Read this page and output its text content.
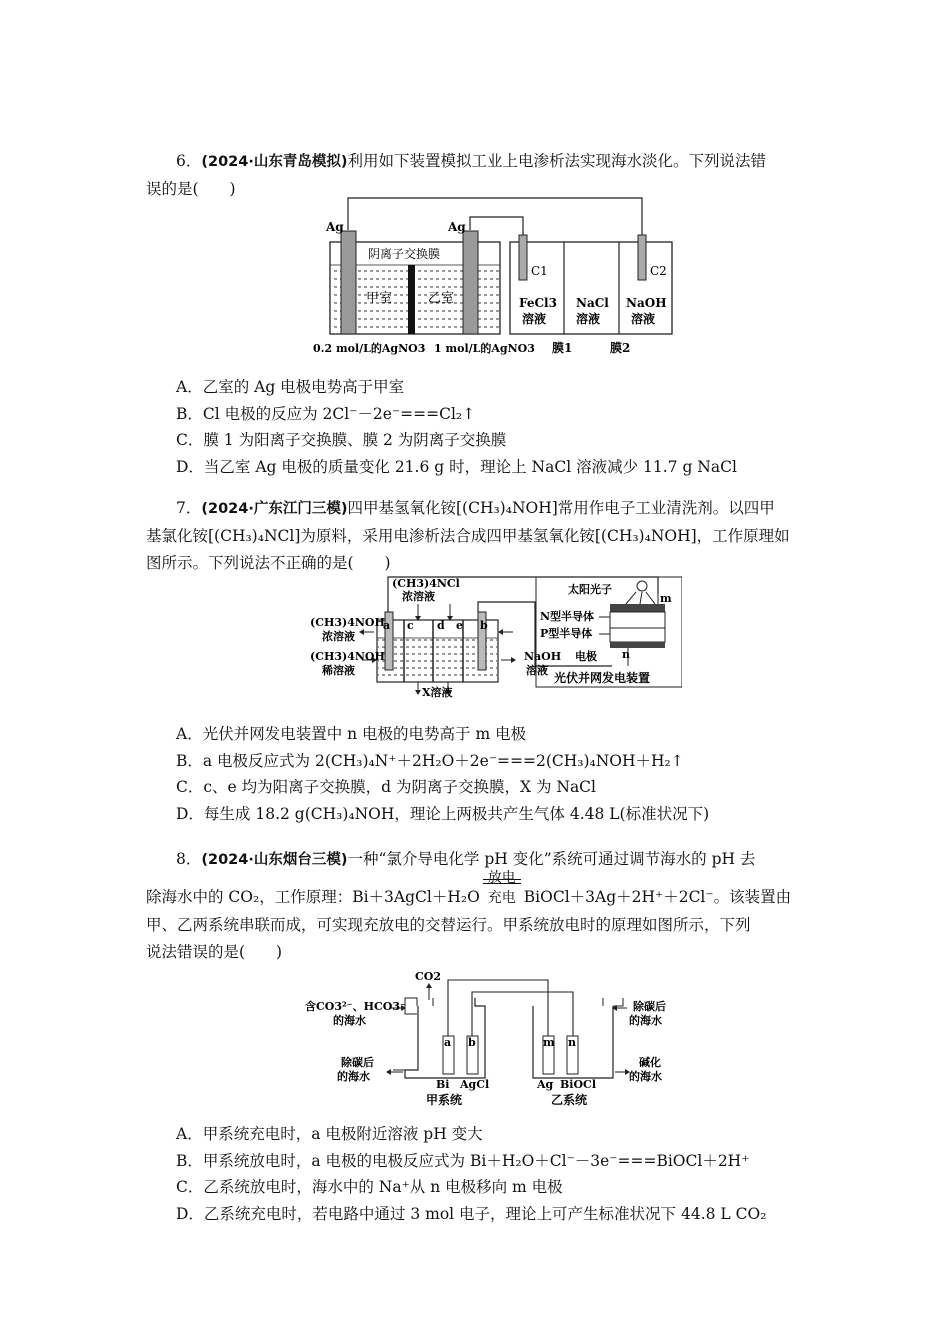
6．(2024·山东青岛模拟)利用如下装置模拟工业上电渗析法实现海水淡化。下列说法错

误的是(　　)

Ag	Ag
阴离子交换膜
甲室	乙室
C1	C2
FeCl3
溶液
NaCl
溶液
NaOH
溶液
0.2 mol/L的AgNO3 1 mol/L的AgNO3 膜1	膜2
A．乙室的 Ag 电极电势高于甲室
B．Cl 电极的反应为 2Cl⁻－2e⁻===Cl₂↑
C．膜 1 为阳离子交换膜、膜 2 为阴离子交换膜
D．当乙室 Ag 电极的质量变化 21.6 g 时，理论上 NaCl 溶液减少 11.7 g NaCl

7．(2024·广东江门三模)四甲基氢氧化铵[(CH₃)₄NOH]常用作电子工业清洗剂。以四甲

基氯化铵[(CH₃)₄NCl]为原料，采用电渗析法合成四甲基氢氧化铵[(CH₃)₄NOH]，工作原理如

图所示。下列说法不正确的是(　　)

a c d e b
(CH3)4NCl
浓溶液
(CH3)4NOH
浓溶液
(CH3)4NOH
稀溶液
NaOH
溶液
X溶液
太阳光子
m
N型半导体
P型半导体
n
电极
光伏并网发电装置
A．光伏并网发电装置中 n 电极的电势高于 m 电极
B．a 电极反应式为 2(CH₃)₄N⁺＋2H₂O＋2e⁻===2(CH₃)₄NOH＋H₂↑
C．c、e 均为阳离子交换膜，d 为阴离子交换膜，X 为 NaCl
D．每生成 18.2 g(CH₃)₄NOH，理论上两极共产生气体 4.48 L(标准状况下)

8．(2024·山东烟台三模)一种“氯介导电化学 pH 变化”系统可通过调节海水的 pH 去

除海水中的 CO₂，工作原理：Bi＋3AgCl＋H₂O
放电
充电 BiOCl＋3Ag＋2H⁺＋2Cl⁻。该装置由

甲、乙两系统串联而成，可实现充放电的交替运行。甲系统放电时的原理如图所示，下列

说法错误的是(　　)

CO2
a b
Bi AgCl
m n
Ag BiOCl
含CO3²⁻、HCO3⁻
的海水
除碳后
的海水
除碳后
的海水
碱化
的海水
甲系统	乙系统
A．甲系统充电时，a 电极附近溶液 pH 变大
B．甲系统放电时，a 电极的电极反应式为 Bi＋H₂O＋Cl⁻－3e⁻===BiOCl＋2H⁺
C．乙系统放电时，海水中的 Na⁺从 n 电极移向 m 电极
D．乙系统充电时，若电路中通过 3 mol 电子，理论上可产生标准状况下 44.8 L CO₂
